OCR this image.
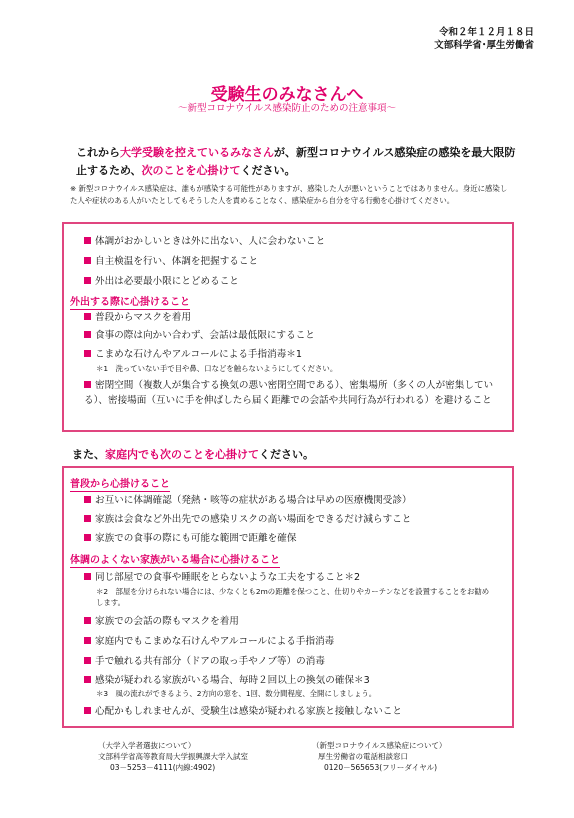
令和２年１２月１８日
文部科学省･厚生労働省
受験生のみなさんへ
～新型コロナウイルス感染防止のための注意事項～
これから大学受験を控えているみなさんが、新型コロナウイルス感染症の感染を最大限防止するため、次のことを心掛けてください。
※ 新型コロナウイルス感染症は、誰もが感染する可能性がありますが、感染した人が悪いということではありません。身近に感染した人や症状のある人がいたとしてもそうした人を責めることなく、感染症から自分を守る行動を心掛けてください。
体調がおかしいときは外に出ない、人に会わないこと
自主検温を行い、体調を把握すること
外出は必要最小限にとどめること
外出する際に心掛けること
普段からマスクを着用
食事の際は向かい合わず、会話は最低限にすること
こまめな石けんやアルコールによる手指消毒＊1
＊1　洗っていない手で目や鼻、口などを触らないようにしてください。
密閉空間（複数人が集合する換気の悪い密閉空間である）、密集場所（多くの人が密集している）、密接場面（互いに手を伸ばしたら届く距離での会話や共同行為が行われる）を避けること
また、家庭内でも次のことを心掛けてください。
普段から心掛けること
お互いに体調確認（発熱・咳等の症状がある場合は早めの医療機関受診）
家族は会食など外出先での感染リスクの高い場面をできるだけ減らすこと
家族での食事の際にも可能な範囲で距離を確保
体調のよくない家族がいる場合に心掛けること
同じ部屋での食事や睡眠をとらないような工夫をすること＊2
＊2　部屋を分けられない場合には、少なくとも2mの距離を保つこと、仕切りやカーテンなどを設置することをお勧めします。
家族での会話の際もマスクを着用
家庭内でもこまめな石けんやアルコールによる手指消毒
手で触れる共有部分（ドアの取っ手やノブ等）の消毒
感染が疑われる家族がいる場合、毎時２回以上の換気の確保＊3
＊3　風の流れができるよう、2方向の窓を、1回、数分間程度、全開にしましょう。
心配かもしれませんが、受験生は感染が疑われる家族と接触しないこと
（大学入学者選抜について）
文部科学省高等教育局大学振興課大学入試室
03－5253－4111(内線:4902)
（新型コロナウイルス感染症について）
厚生労働省の電話相談窓口
0120－565653(フリーダイヤル)
